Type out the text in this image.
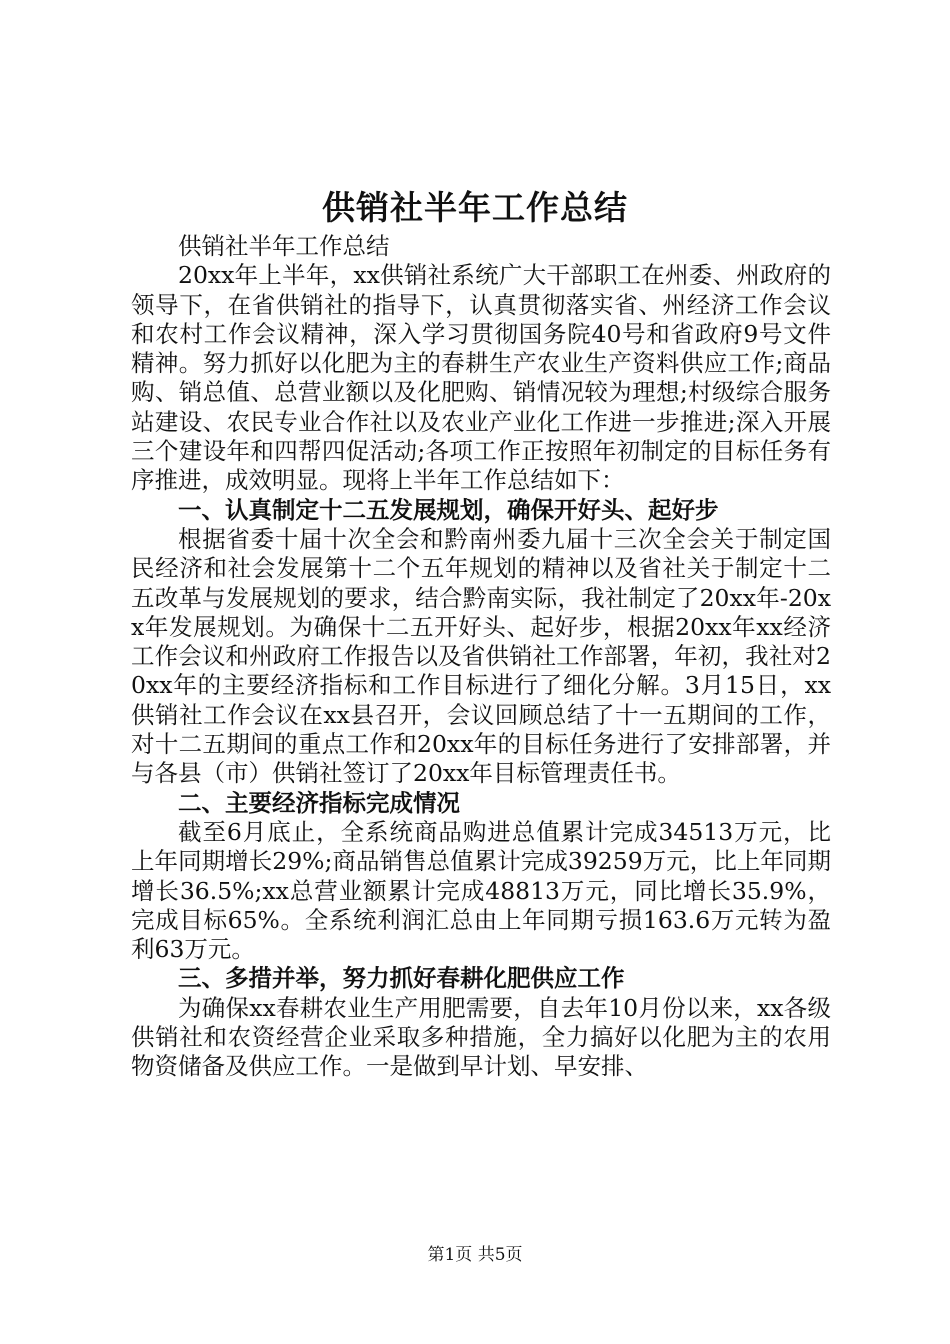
供销社半年工作总结

供销社半年工作总结

20xx年上半年，xx供销社系统广大干部职工在州委、州政府的领导下，在省供销社的指导下，认真贯彻落实省、州经济工作会议和农村工作会议精神，深入学习贯彻国务院40号和省政府9号文件精神。努力抓好以化肥为主的春耕生产农业生产资料供应工作;商品购、销总值、总营业额以及化肥购、销情况较为理想;村级综合服务站建设、农民专业合作社以及农业产业化工作进一步推进;深入开展三个建设年和四帮四促活动;各项工作正按照年初制定的目标任务有序推进，成效明显。现将上半年工作总结如下：

一、认真制定十二五发展规划，确保开好头、起好步

根据省委十届十次全会和黔南州委九届十三次全会关于制定国民经济和社会发展第十二个五年规划的精神以及省社关于制定十二五改革与发展规划的要求，结合黔南实际，我社制定了20xx年-20xx年发展规划。为确保十二五开好头、起好步，根据20xx年xx经济工作会议和州政府工作报告以及省供销社工作部署，年初，我社对20xx年的主要经济指标和工作目标进行了细化分解。3月15日，xx供销社工作会议在xx县召开，会议回顾总结了十一五期间的工作，对十二五期间的重点工作和20xx年的目标任务进行了安排部署，并与各县（市）供销社签订了20xx年目标管理责任书。

二、主要经济指标完成情况

截至6月底止，全系统商品购进总值累计完成34513万元，比上年同期增长29%;商品销售总值累计完成39259万元，比上年同期增长36.5%;xx总营业额累计完成48813万元，同比增长35.9%，完成目标65%。全系统利润汇总由上年同期亏损163.6万元转为盈利63万元。

三、多措并举，努力抓好春耕化肥供应工作

为确保xx春耕农业生产用肥需要，自去年10月份以来，xx各级供销社和农资经营企业采取多种措施，全力搞好以化肥为主的农用物资储备及供应工作。一是做到早计划、早安排、

第1页 共5页
